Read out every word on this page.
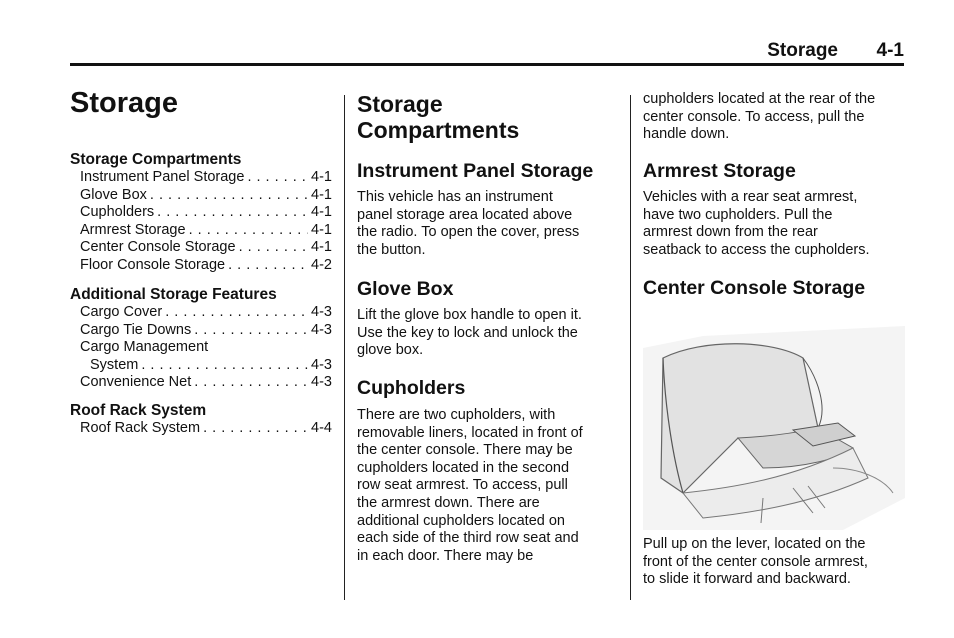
Storage 4-1
Storage
Storage Compartments
Instrument Panel Storage . . .	4-1
Glove Box . . .	4-1
Cupholders . . .	4-1
Armrest Storage . . .	4-1
Center Console Storage . . .	4-1
Floor Console Storage . . .	4-2
Additional Storage Features
Cargo Cover . . .	4-3
Cargo Tie Downs . . .	4-3
Cargo Management
System . . .	4-3
Convenience Net . . .	4-3
Roof Rack System
Roof Rack System . . .	4-4
Storage Compartments
Instrument Panel Storage
This vehicle has an instrument
panel storage area located above
the radio. To open the cover, press
the button.
Glove Box
Lift the glove box handle to open it.
Use the key to lock and unlock the
glove box.
Cupholders
There are two cupholders, with
removable liners, located in front of
the center console. There may be
cupholders located in the second
row seat armrest. To access, pull
the armrest down. There are
additional cupholders located on
each side of the third row seat and
in each door. There may be
cupholders located at the rear of the
center console. To access, pull the
handle down.
Armrest Storage
Vehicles with a rear seat armrest,
have two cupholders. Pull the
armrest down from the rear
seatback to access the cupholders.
Center Console Storage
Pull up on the lever, located on the
front of the center console armrest,
to slide it forward and backward.
